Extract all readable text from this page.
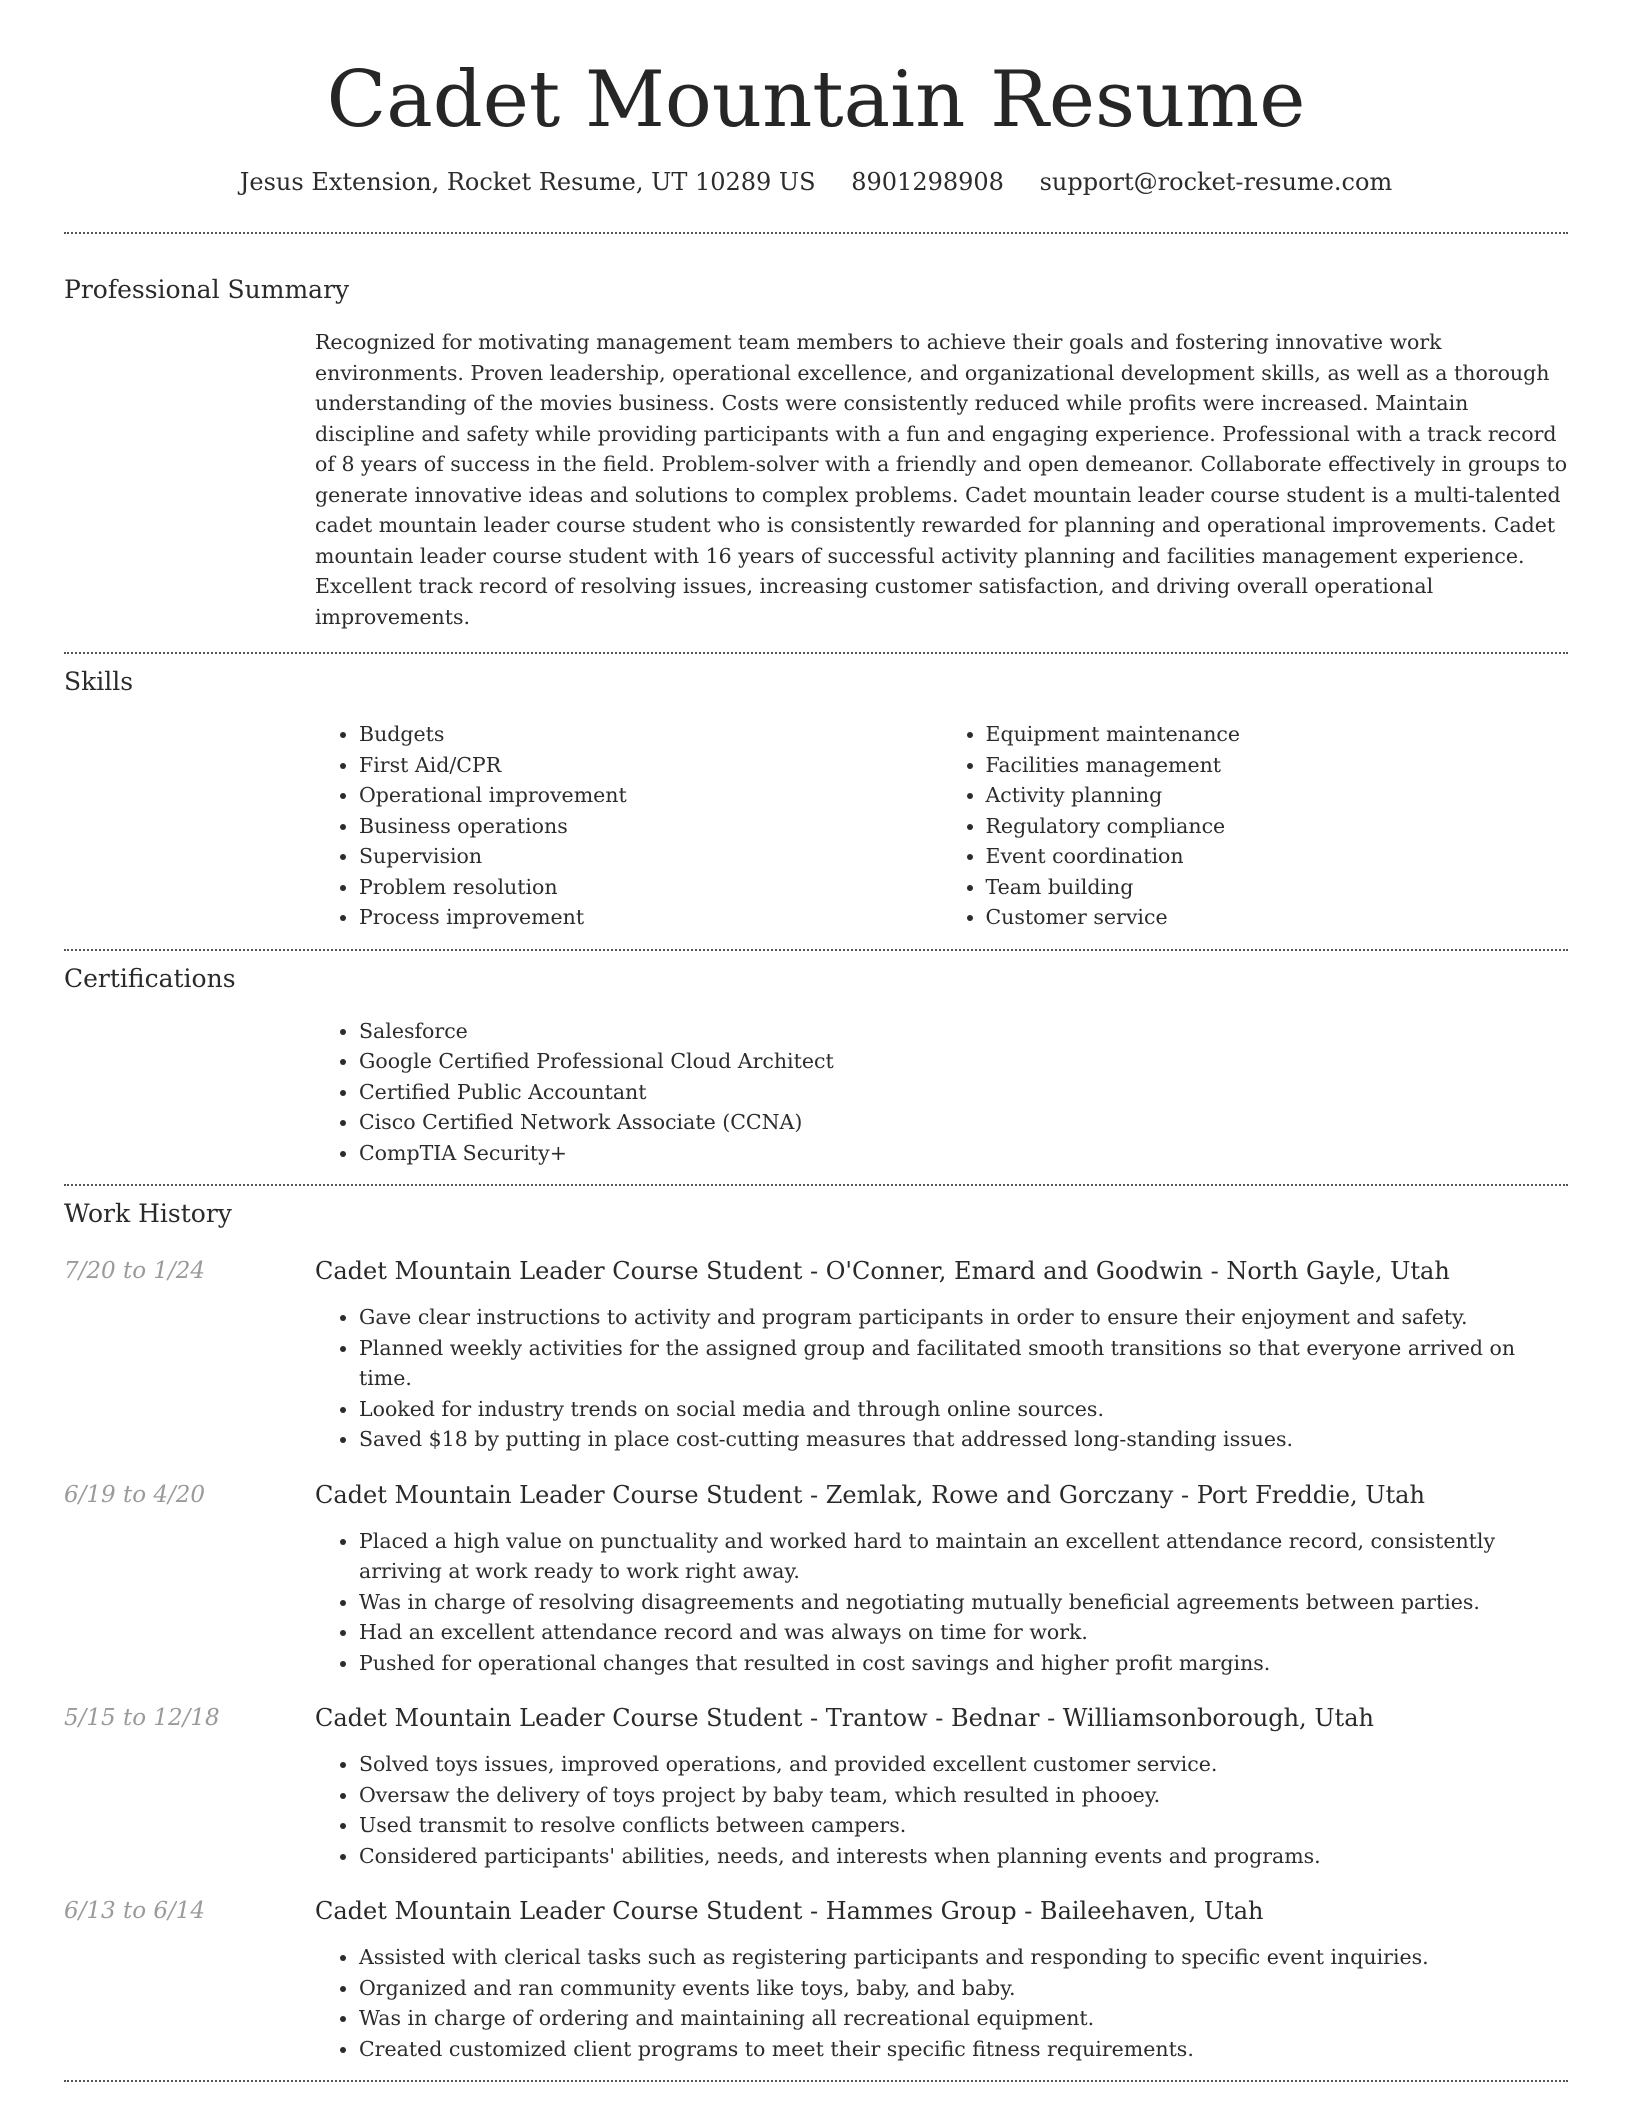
Cadet Mountain Resume
Jesus Extension, Rocket Resume, UT 10289 US 8901298908 support@rocket-resume.com
Professional Summary

Recognized for motivating management team members to achieve their goals and fostering innovative work environments. Proven leadership, operational excellence, and organizational development skills, as well as a thorough understanding of the movies business. Costs were consistently reduced while profits were increased. Maintain discipline and safety while providing participants with a fun and engaging experience. Professional with a track record of 8 years of success in the field. Problem-solver with a friendly and open demeanor. Collaborate effectively in groups to generate innovative ideas and solutions to complex problems. Cadet mountain leader course student is a multi-talented cadet mountain leader course student who is consistently rewarded for planning and operational improvements. Cadet mountain leader course student with 16 years of successful activity planning and facilities management experience. Excellent track record of resolving issues, increasing customer satisfaction, and driving overall operational improvements.

Skills
• Budgets
• First Aid/CPR
• Operational improvement
• Business operations
• Supervision
• Problem resolution
• Process improvement
• Equipment maintenance
• Facilities management
• Activity planning
• Regulatory compliance
• Event coordination
• Team building
• Customer service
Certifications
• Salesforce
• Google Certified Professional Cloud Architect
• Certified Public Accountant
• Cisco Certified Network Associate (CCNA)
• CompTIA Security+
Work History
7/20 to 1/24	Cadet Mountain Leader Course Student - O'Conner, Emard and Goodwin - North Gayle, Utah

• Gave clear instructions to activity and program participants in order to ensure their enjoyment and safety.
• Planned weekly activities for the assigned group and facilitated smooth transitions so that everyone arrived on time.
• Looked for industry trends on social media and through online sources.
• Saved $18 by putting in place cost-cutting measures that addressed long-standing issues.
6/19 to 4/20	Cadet Mountain Leader Course Student - Zemlak, Rowe and Gorczany - Port Freddie, Utah

• Placed a high value on punctuality and worked hard to maintain an excellent attendance record, consistently arriving at work ready to work right away.
• Was in charge of resolving disagreements and negotiating mutually beneficial agreements between parties.
• Had an excellent attendance record and was always on time for work.
• Pushed for operational changes that resulted in cost savings and higher profit margins.
5/15 to 12/18	Cadet Mountain Leader Course Student - Trantow - Bednar - Williamsonborough, Utah

• Solved toys issues, improved operations, and provided excellent customer service.
• Oversaw the delivery of toys project by baby team, which resulted in phooey.
• Used transmit to resolve conflicts between campers.
• Considered participants' abilities, needs, and interests when planning events and programs.
6/13 to 6/14	Cadet Mountain Leader Course Student - Hammes Group - Baileehaven, Utah

• Assisted with clerical tasks such as registering participants and responding to specific event inquiries.
• Organized and ran community events like toys, baby, and baby.
• Was in charge of ordering and maintaining all recreational equipment.
• Created customized client programs to meet their specific fitness requirements.
